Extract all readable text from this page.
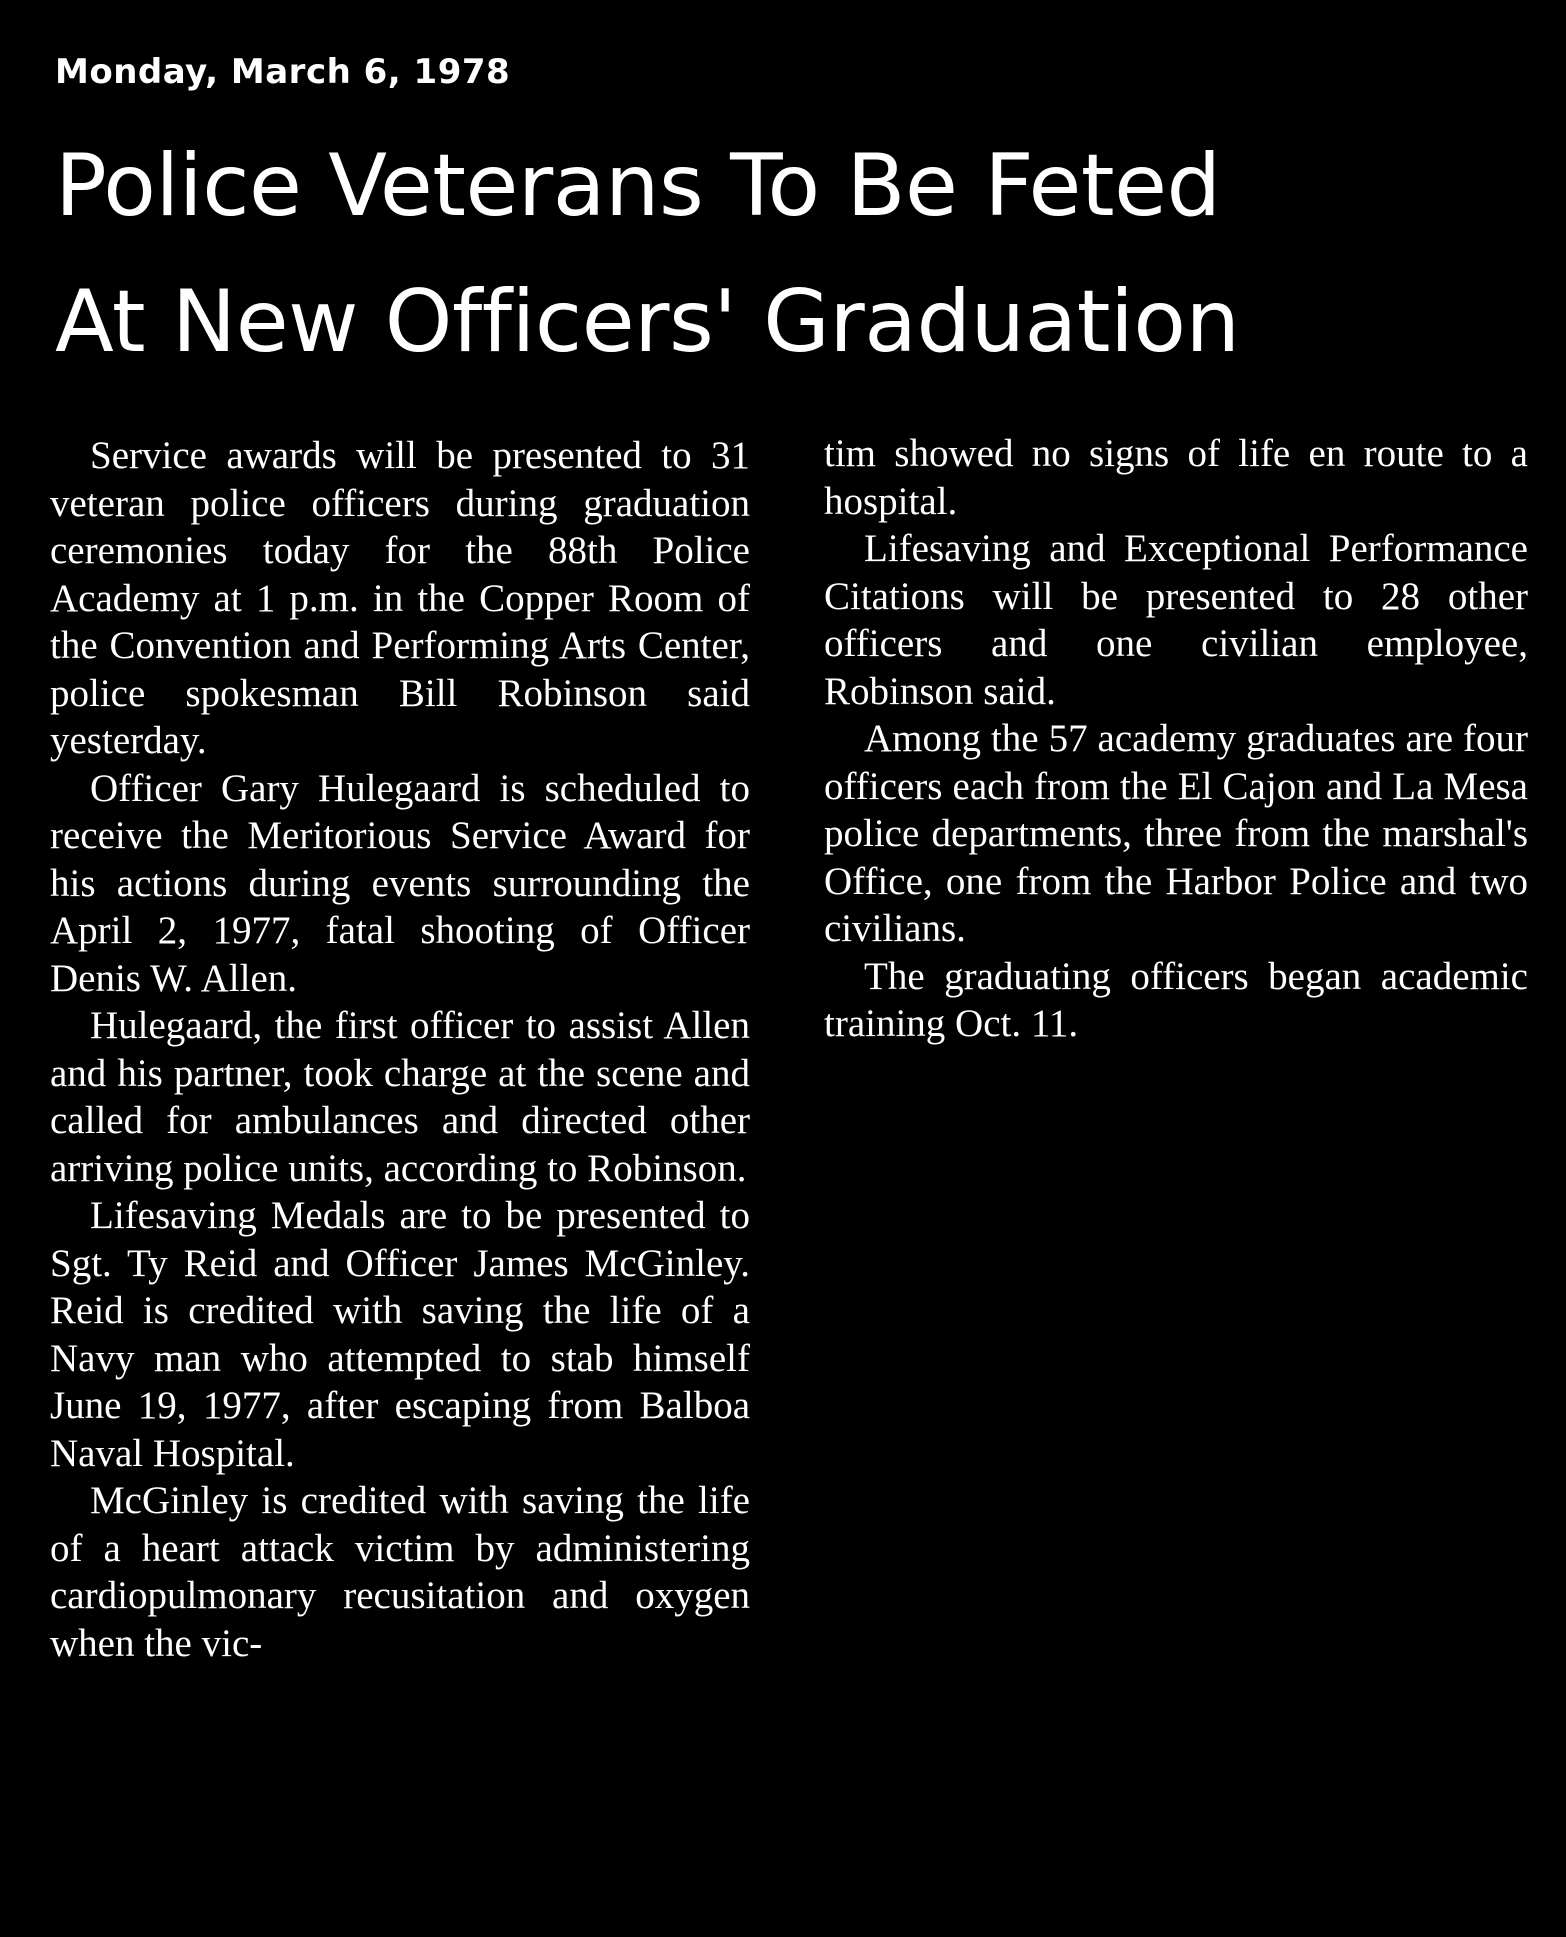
Monday, March 6, 1978

Police Veterans To Be Feted
At New Officers' Graduation

Service awards will be presented to 31 veteran police officers during graduation ceremonies today for the 88th Police Academy at 1 p.m. in the Copper Room of the Convention and Performing Arts Center, police spokesman Bill Robinson said yesterday.

Officer Gary Hulegaard is scheduled to receive the Meritorious Service Award for his actions during events surrounding the April 2, 1977, fatal shooting of Officer Denis W. Allen.

Hulegaard, the first officer to assist Allen and his partner, took charge at the scene and called for ambulances and directed other arriving police units, according to Robinson.

Lifesaving Medals are to be presented to Sgt. Ty Reid and Officer James McGinley. Reid is credited with saving the life of a Navy man who attempted to stab himself June 19, 1977, after escaping from Balboa Naval Hospital.

McGinley is credited with saving the life of a heart attack victim by administering cardiopulmonary recusitation and oxygen when the vic-

tim showed no signs of life en route to a hospital.

Lifesaving and Exceptional Performance Citations will be presented to 28 other officers and one civilian employee, Robinson said.

Among the 57 academy graduates are four officers each from the El Cajon and La Mesa police departments, three from the marshal's Office, one from the Harbor Police and two civilians.

The graduating officers began academic training Oct. 11.
